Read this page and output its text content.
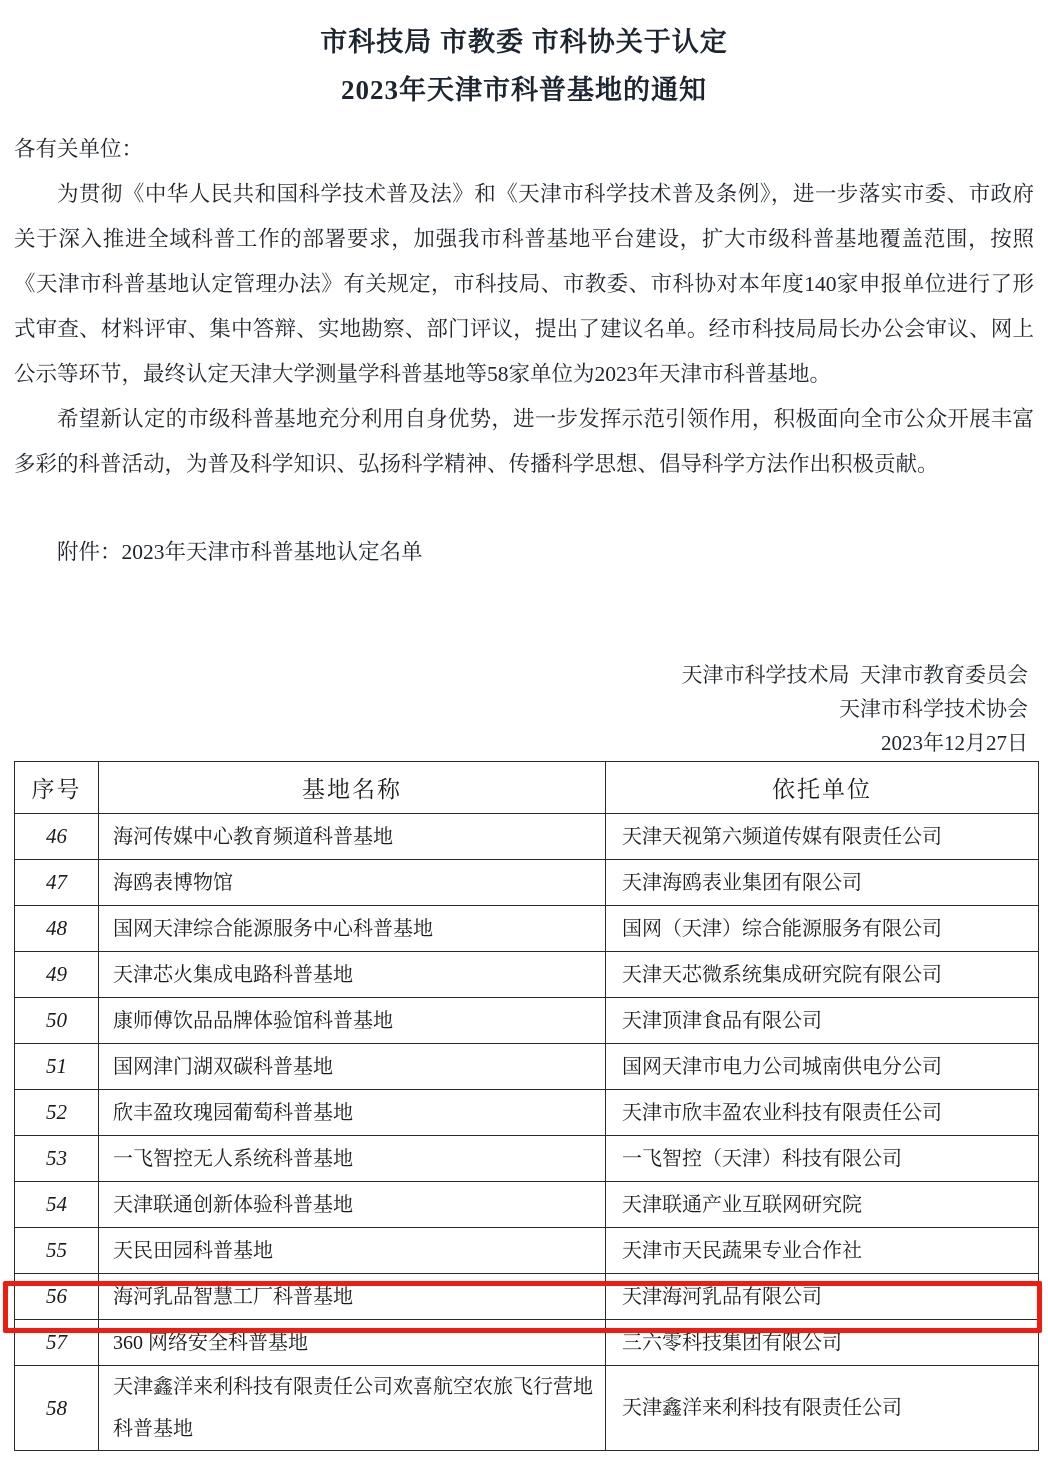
市科技局 市教委 市科协关于认定
2023年天津市科普基地的通知
各有关单位：

为贯彻《中华人民共和国科学技术普及法》和《天津市科学技术普及条例》，进一步落实市委、市政府关于深入推进全域科普工作的部署要求，加强我市科普基地平台建设，扩大市级科普基地覆盖范围，按照《天津市科普基地认定管理办法》有关规定，市科技局、市教委、市科协对本年度140家申报单位进行了形式审查、材料评审、集中答辩、实地勘察、部门评议，提出了建议名单。经市科技局局长办公会审议、网上公示等环节，最终认定天津大学测量学科普基地等58家单位为2023年天津市科普基地。

希望新认定的市级科普基地充分利用自身优势，进一步发挥示范引领作用，积极面向全市公众开展丰富多彩的科普活动，为普及科学知识、弘扬科学精神、传播科学思想、倡导科学方法作出积极贡献。

附件：2023年天津市科普基地认定名单
天津市科学技术局  天津市教育委员会
天津市科学技术协会
2023年12月27日
序号	基地名称	依托单位
46	海河传媒中心教育频道科普基地	天津天视第六频道传媒有限责任公司
47	海鸥表博物馆	天津海鸥表业集团有限公司
48	国网天津综合能源服务中心科普基地	国网（天津）综合能源服务有限公司
49	天津芯火集成电路科普基地	天津天芯微系统集成研究院有限公司
50	康师傅饮品品牌体验馆科普基地	天津顶津食品有限公司
51	国网津门湖双碳科普基地	国网天津市电力公司城南供电分公司
52	欣丰盈玫瑰园葡萄科普基地	天津市欣丰盈农业科技有限责任公司
53	一飞智控无人系统科普基地	一飞智控（天津）科技有限公司
54	天津联通创新体验科普基地	天津联通产业互联网研究院
55	天民田园科普基地	天津市天民蔬果专业合作社
56	海河乳品智慧工厂科普基地	天津海河乳品有限公司
57	360 网络安全科普基地	三六零科技集团有限公司
58	天津鑫洋来利科技有限责任公司欢喜航空农旅飞行营地科普基地	天津鑫洋来利科技有限责任公司
